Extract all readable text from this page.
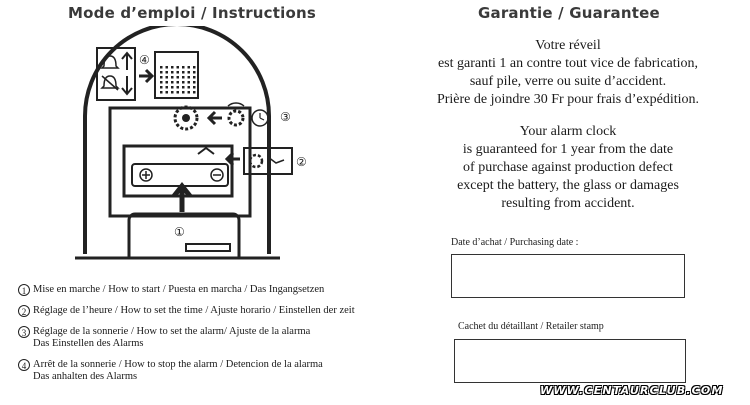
Mode d’emploi / Instructions
④
③
②
①
1 Mise en marche / How to start / Puesta en marcha / Das Ingangsetzen
2 Réglage de l’heure / How to set the time / Ajuste horario / Einstellen der zeit
3 Réglage de la sonnerie / How to set the alarm/ Ajuste de la alarma
Das Einstellen des Alarms
4 Arrêt de la sonnerie / How to stop the alarm / Detencion de la alarma
Das anhalten des Alarms
Garantie / Guarantee
Votre réveil
est garanti 1 an contre tout vice de fabrication,
sauf pile, verre ou suite d’accident.
Prière de joindre 30 Fr pour frais d’expédition.
Your alarm clock
is guaranteed for 1 year from the date
of purchase against production defect
except the battery, the glass or damages
resulting from accident.
Date d’achat / Purchasing date :
Cachet du détaillant / Retailer stamp
WWW.CENTAURCLUB.COM
